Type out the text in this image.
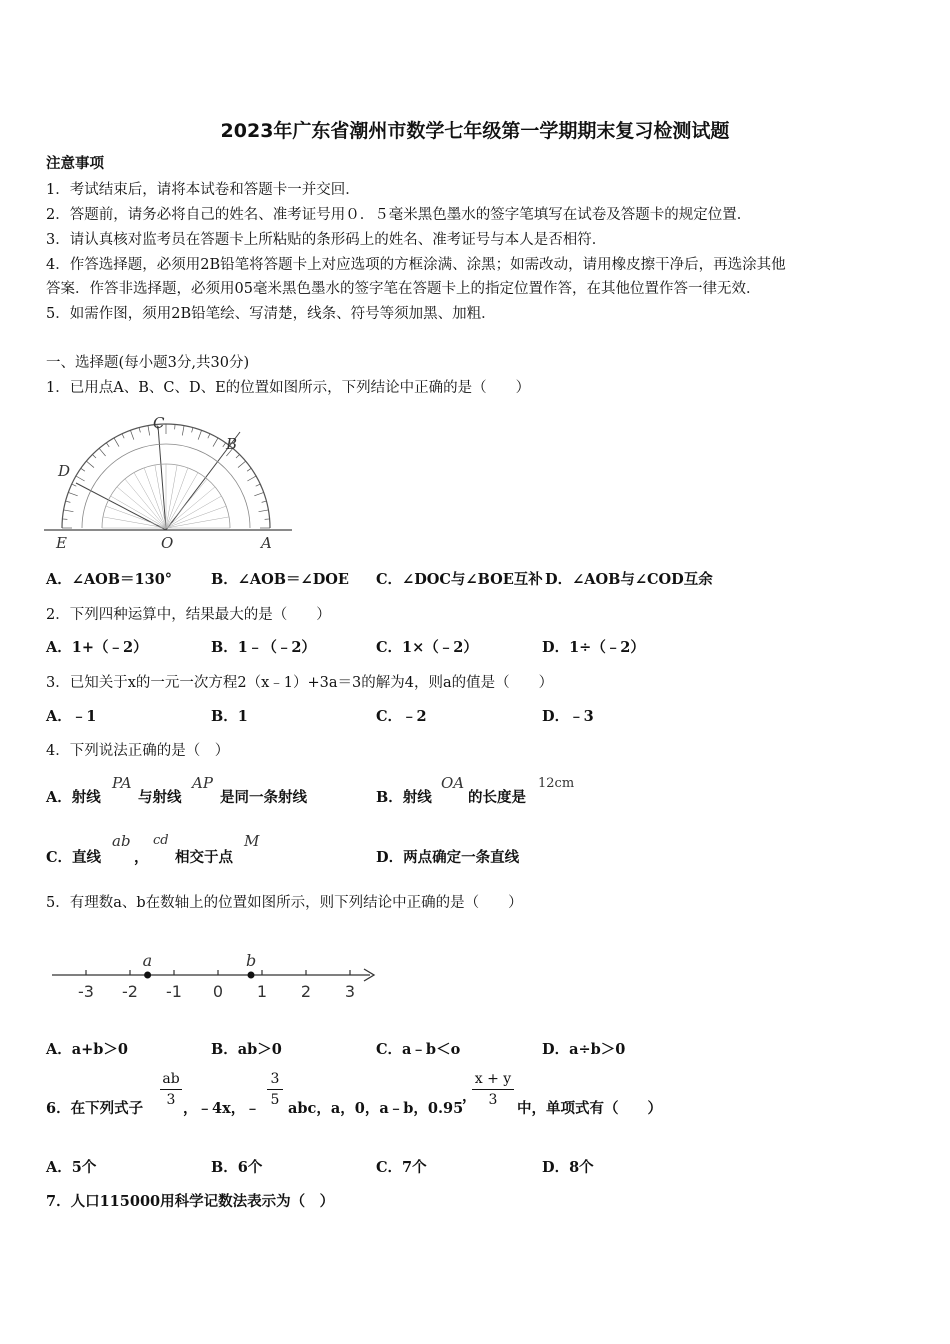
2023年广东省潮州市数学七年级第一学期期末复习检测试题
注意事项
1．考试结束后，请将本试卷和答题卡一并交回．
2．答题前，请务必将自己的姓名、准考证号用０．５毫米黑色墨水的签字笔填写在试卷及答题卡的规定位置．
3．请认真核对监考员在答题卡上所粘贴的条形码上的姓名、准考证号与本人是否相符．
4．作答选择题，必须用2B铅笔将答题卡上对应选项的方框涂满、涂黑；如需改动，请用橡皮擦干净后，再选涂其他
答案．作答非选择题，必须用05毫米黑色墨水的签字笔在答题卡上的指定位置作答，在其他位置作答一律无效．
5．如需作图，须用2B铅笔绘、写清楚，线条、符号等须加黑、加粗．
一、选择题(每小题3分,共30分)
1．已用点A、B、C、D、E的位置如图所示，下列结论中正确的是（　　）
D
C
B
E	O	A
A．∠AOB＝130°	B．∠AOB＝∠DOE C．∠DOC与∠BOE互补 D．∠AOB与∠COD互余
2．下列四种运算中，结果最大的是（　　）
A．1+（﹣2）	B．1﹣（﹣2）	C．1×（﹣2）	D．1÷（﹣2）
3．已知关于x的一元一次方程2（x﹣1）+3a＝3的解为4，则a的值是（　　）
A．﹣1	B．1	C．﹣2	D．﹣3
4．下列说法正确的是（　）
A．射线
PA
与射线
AP
是同一条射线	B．射线
OA
的长度是
12cm
C．直线
ab
，
cd
相交于点
M
D．两点确定一条直线
5．有理数a、b在数轴上的位置如图所示，则下列结论中正确的是（　　）
-3 -2 -1 0 1 2 3
a	b
A．a+b＞0	B．ab＞0	C．a﹣b＜o	D．a÷b＞0
6．在下列式子
ab
3 ，﹣4x，﹣
3
5 abc，a，0，a﹣b，0.95
，
x + y
3	中，单项式有（　　）
A．5个	B．6个	C．7个	D．8个
7．人口115000用科学记数法表示为（　）
